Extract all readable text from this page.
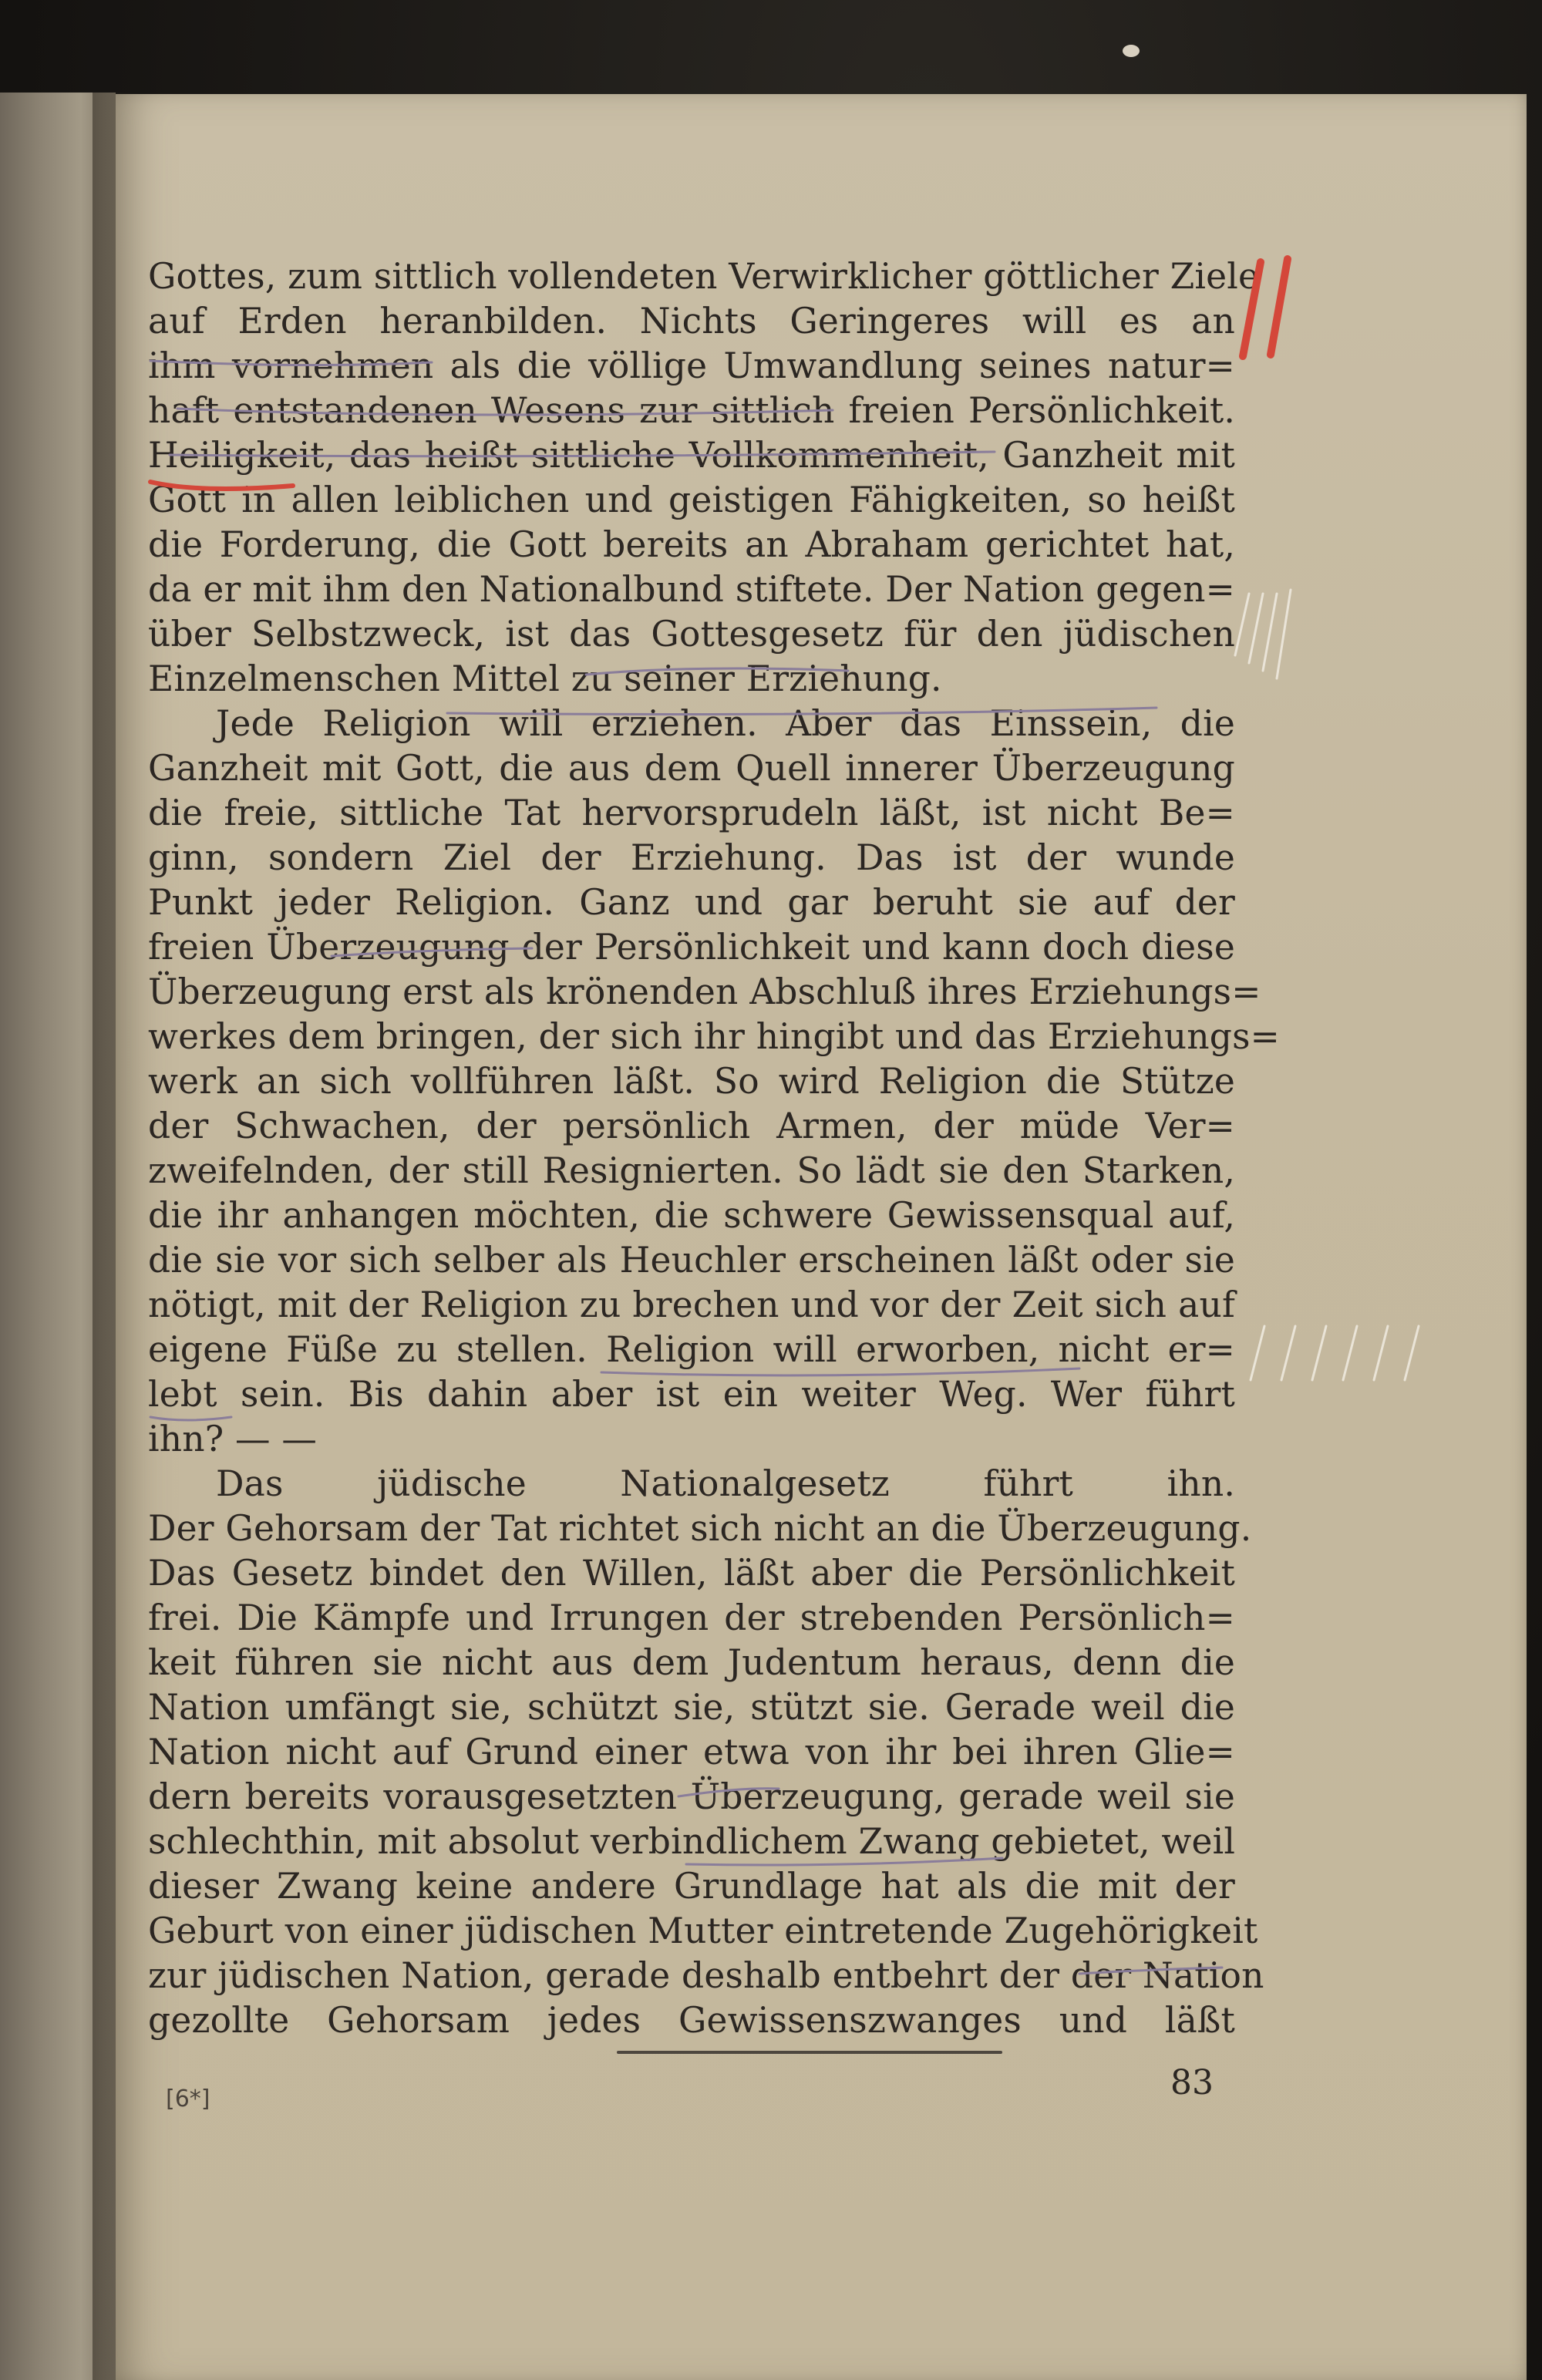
Gottes, zum sittlich vollendeten Verwirklicher göttlicher Ziele
auf Erden heranbilden. Nichts Geringeres will es an
ihm vornehmen als die völlige Umwandlung seines natur=
haft entstandenen Wesens zur sittlich freien Persönlichkeit.
Heiligkeit, das heißt sittliche Vollkommenheit, Ganzheit mit
Gott in allen leiblichen und geistigen Fähigkeiten, so heißt
die Forderung, die Gott bereits an Abraham gerichtet hat,
da er mit ihm den Nationalbund stiftete. Der Nation gegen=
über Selbstzweck, ist das Gottesgesetz für den jüdischen
Einzelmenschen Mittel zu seiner Erziehung.
Jede Religion will erziehen. Aber das Einssein, die
Ganzheit mit Gott, die aus dem Quell innerer Überzeugung
die freie, sittliche Tat hervorsprudeln läßt, ist nicht Be=
ginn, sondern Ziel der Erziehung. Das ist der wunde
Punkt jeder Religion. Ganz und gar beruht sie auf der
freien Überzeugung der Persönlichkeit und kann doch diese
Überzeugung erst als krönenden Abschluß ihres Erziehungs=
werkes dem bringen, der sich ihr hingibt und das Erziehungs=
werk an sich vollführen läßt. So wird Religion die Stütze
der Schwachen, der persönlich Armen, der müde Ver=
zweifelnden, der still Resignierten. So lädt sie den Starken,
die ihr anhangen möchten, die schwere Gewissensqual auf,
die sie vor sich selber als Heuchler erscheinen läßt oder sie
nötigt, mit der Religion zu brechen und vor der Zeit sich auf
eigene Füße zu stellen. Religion will erworben, nicht er=
lebt sein. Bis dahin aber ist ein weiter Weg. Wer führt
ihn? — —
Das jüdische Nationalgesetz führt ihn.
Der Gehorsam der Tat richtet sich nicht an die Überzeugung.
Das Gesetz bindet den Willen, läßt aber die Persönlichkeit
frei. Die Kämpfe und Irrungen der strebenden Persönlich=
keit führen sie nicht aus dem Judentum heraus, denn die
Nation umfängt sie, schützt sie, stützt sie. Gerade weil die
Nation nicht auf Grund einer etwa von ihr bei ihren Glie=
dern bereits vorausgesetzten Überzeugung, gerade weil sie
schlechthin, mit absolut verbindlichem Zwang gebietet, weil
dieser Zwang keine andere Grundlage hat als die mit der
Geburt von einer jüdischen Mutter eintretende Zugehörigkeit
zur jüdischen Nation, gerade deshalb entbehrt der der Nation
gezollte Gehorsam jedes Gewissenszwanges und läßt
[6*]	83
